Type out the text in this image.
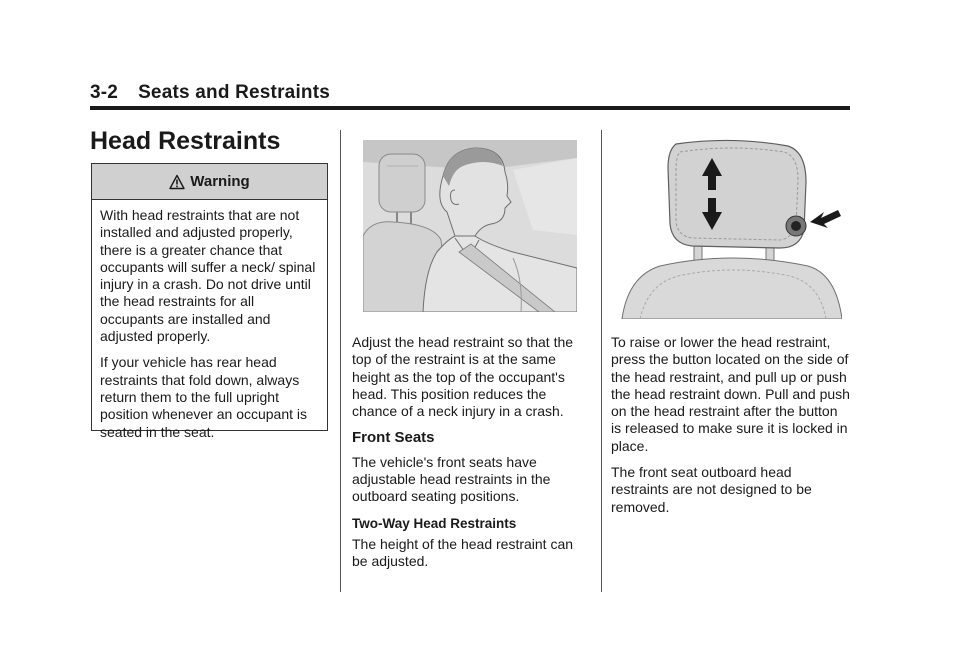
3-2 Seats and Restraints
Head Restraints
Warning

With head restraints that are not installed and adjusted properly, there is a greater chance that occupants will suffer a neck/ spinal injury in a crash. Do not drive until the head restraints for all occupants are installed and adjusted properly.

If your vehicle has rear head restraints that fold down, always return them to the full upright position whenever an occupant is seated in the seat.

Adjust the head restraint so that the top of the restraint is at the same height as the top of the occupant's head. This position reduces the chance of a neck injury in a crash.

Front Seats

The vehicle's front seats have adjustable head restraints in the outboard seating positions.

Two-Way Head Restraints

The height of the head restraint can be adjusted.

To raise or lower the head restraint, press the button located on the side of the head restraint, and pull up or push the head restraint down. Pull and push on the head restraint after the button is released to make sure it is locked in place.

The front seat outboard head restraints are not designed to be removed.
